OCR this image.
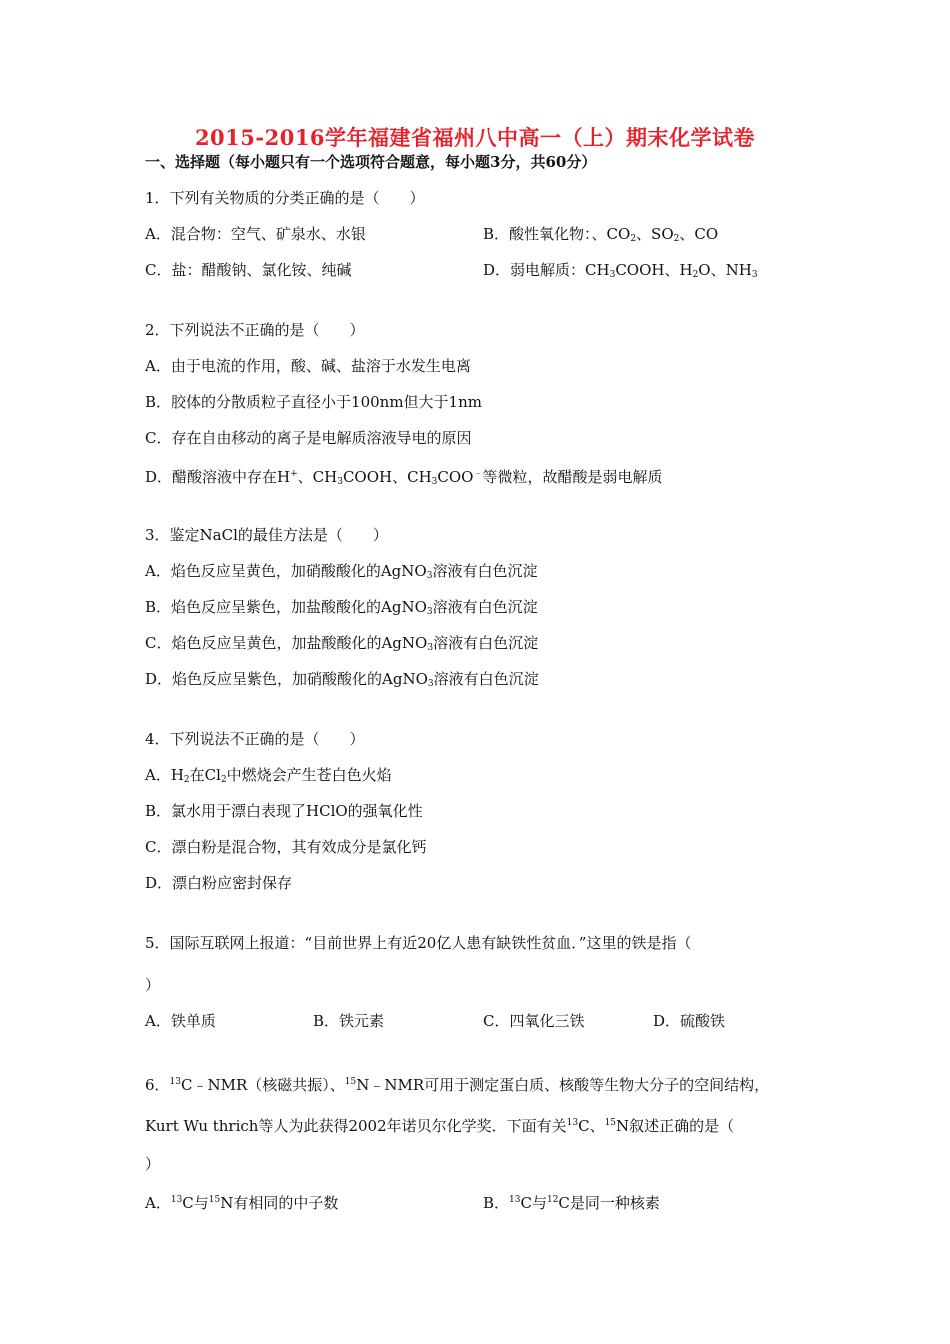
2015-2016学年福建省福州八中高一（上）期末化学试卷
一、选择题（每小题只有一个选项符合题意，每小题3分，共60分）
1．下列有关物质的分类正确的是（　　）
A．混合物：空气、矿泉水、水银	B．酸性氧化物：、$CO_2$、$SO_2$、CO
C．盐：醋酸钠、氯化铵、纯碱	D．弱电解质：$CH_3COOH$、$H_2O$、$NH_3$
2．下列说法不正确的是（　　）
A．由于电流的作用，酸、碱、盐溶于水发生电离
B．胶体的分散质粒子直径小于100nm但大于1nm
C．存在自由移动的离子是电解质溶液导电的原因
D．醋酸溶液中存在H+、$CH_3COOH$、$CH_3COO^﹣$等微粒，故醋酸是弱电解质
3．鉴定NaCl的最佳方法是（　　）
A．焰色反应呈黄色，加硝酸酸化的AgNO$_3$溶液有白色沉淀
B．焰色反应呈紫色，加盐酸酸化的AgNO$_3$溶液有白色沉淀
C．焰色反应呈黄色，加盐酸酸化的AgNO$_3$溶液有白色沉淀
D．焰色反应呈紫色，加硝酸酸化的AgNO$_3$溶液有白色沉淀
4．下列说法不正确的是（　　）
A．$H_2$在$Cl_2$中燃烧会产生苍白色火焰
B．氯水用于漂白表现了HClO的强氧化性
C．漂白粉是混合物，其有效成分是氯化钙
D．漂白粉应密封保存
5．国际互联网上报道：“目前世界上有近20亿人患有缺铁性贫血．”这里的铁是指（
）
A．铁单质	B．铁元素	C．四氧化三铁	D．硫酸铁
6．$^{13}$C﹣NMR（核磁共振）、$^{15}$N﹣NMR可用于测定蛋白质、核酸等生物大分子的空间结构，
Kurt Wu thrich等人为此获得2002年诺贝尔化学奖．下面有关$^{13}$C、$^{15}$N叙述正确的是（
）
A．$^{13}$C与$^{15}$N有相同的中子数	B．$^{13}$C与$^{12}$C是同一种核素
